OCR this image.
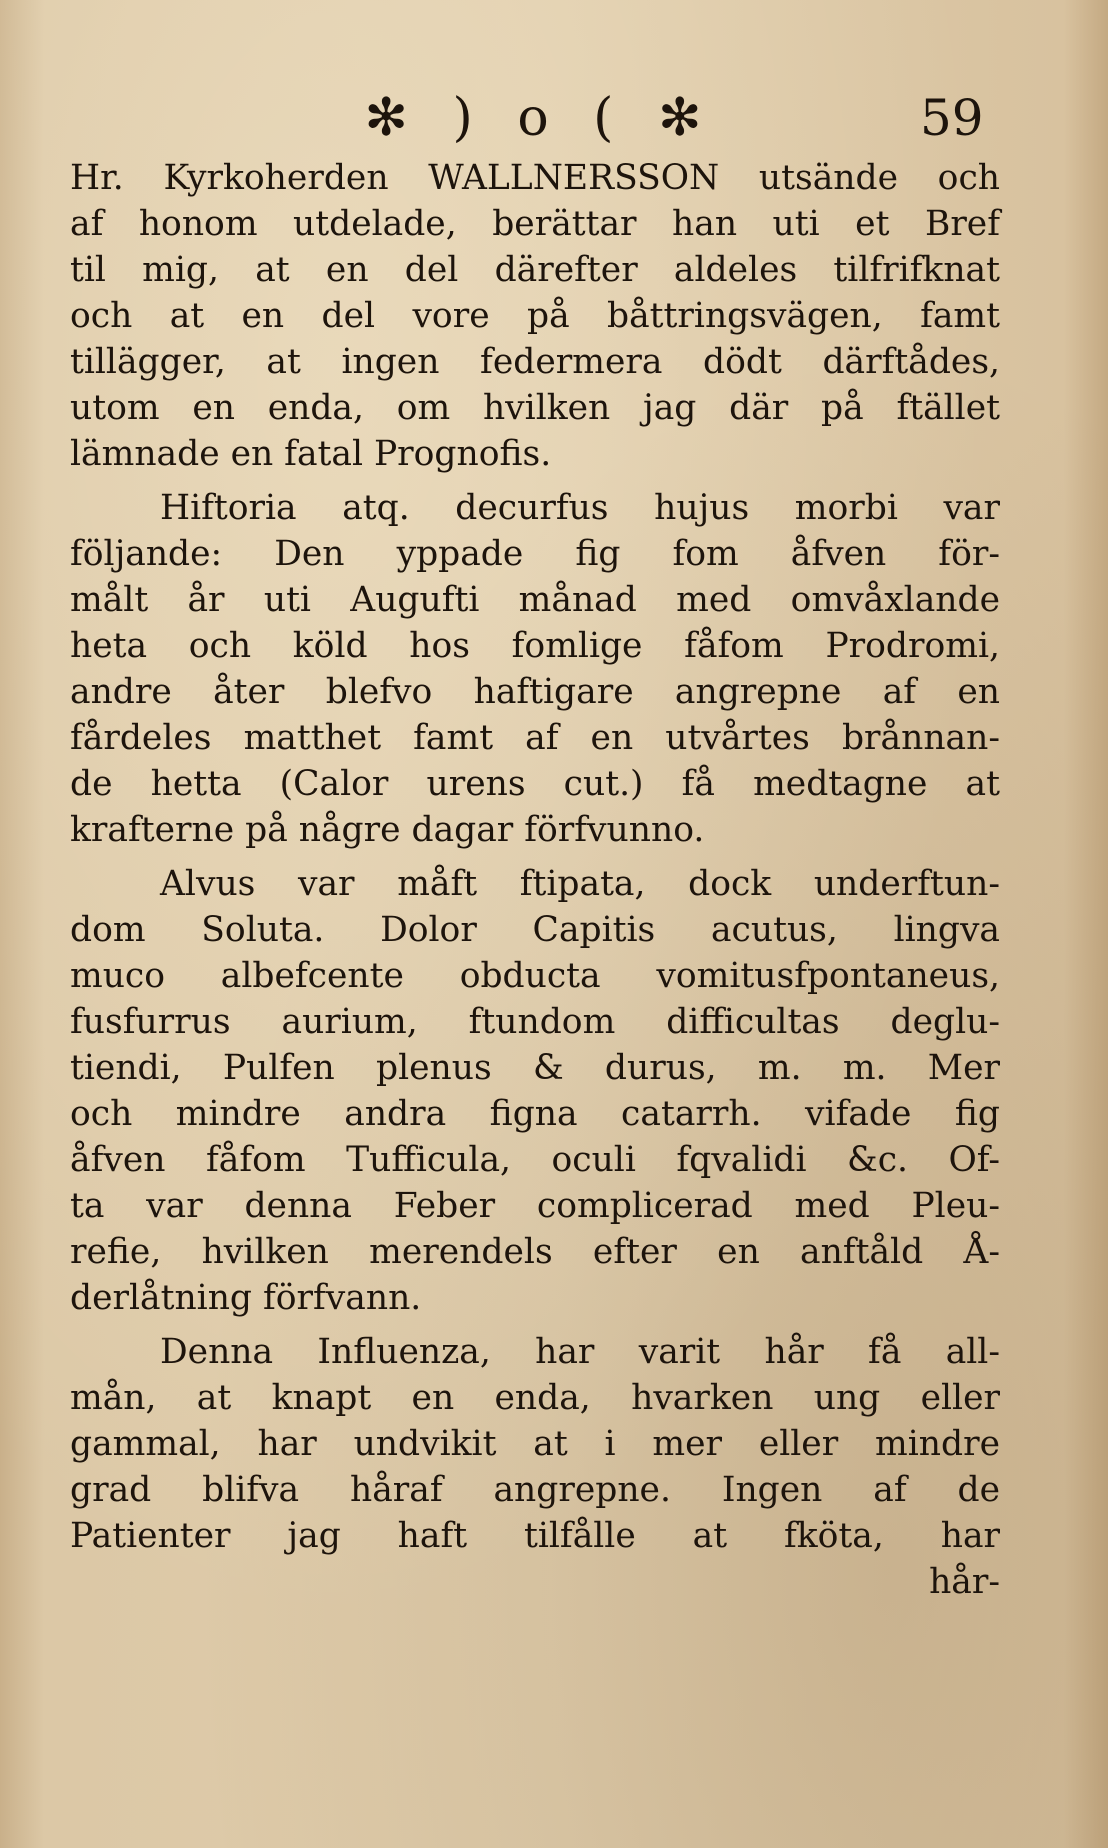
✻ ) o ( ✻	59
Hr. Kyrkoherden WALLNERSSON utsände och
af honom utdelade, berättar han uti et Bref
til mig, at en del därefter aldeles tilfrifknat
och at en del vore på båttringsvägen, famt
tillägger, at ingen federmera dödt därftådes,
utom en enda, om hvilken jag där på ftället
lämnade en fatal Prognofis.
Hiftoria atq. decurfus hujus morbi var
följande: Den yppade fig fom åfven för-
målt år uti Augufti månad med omvåxlande
heta och köld hos fomlige fåfom Prodromi,
andre åter blefvo haftigare angrepne af en
fårdeles matthet famt af en utvårtes brånnan-
de hetta (Calor urens cut.) få medtagne at
krafterne på någre dagar förfvunno.
Alvus var måft ftipata, dock underftun-
dom Soluta. Dolor Capitis acutus, lingva
muco albefcente obducta vomitusfpontaneus,
fusfurrus aurium, ftundom difficultas deglu-
tiendi, Pulfen plenus & durus, m. m. Mer
och mindre andra figna catarrh. vifade fig
åfven fåfom Tufficula, oculi fqvalidi &c. Of-
ta var denna Feber complicerad med Pleu-
refie, hvilken merendels efter en anftåld Å-
derlåtning förfvann.
Denna Influenza, har varit hår få all-
mån, at knapt en enda, hvarken ung eller
gammal, har undvikit at i mer eller mindre
grad blifva håraf angrepne. Ingen af de
Patienter jag haft tilfålle at fköta, har
hår-
